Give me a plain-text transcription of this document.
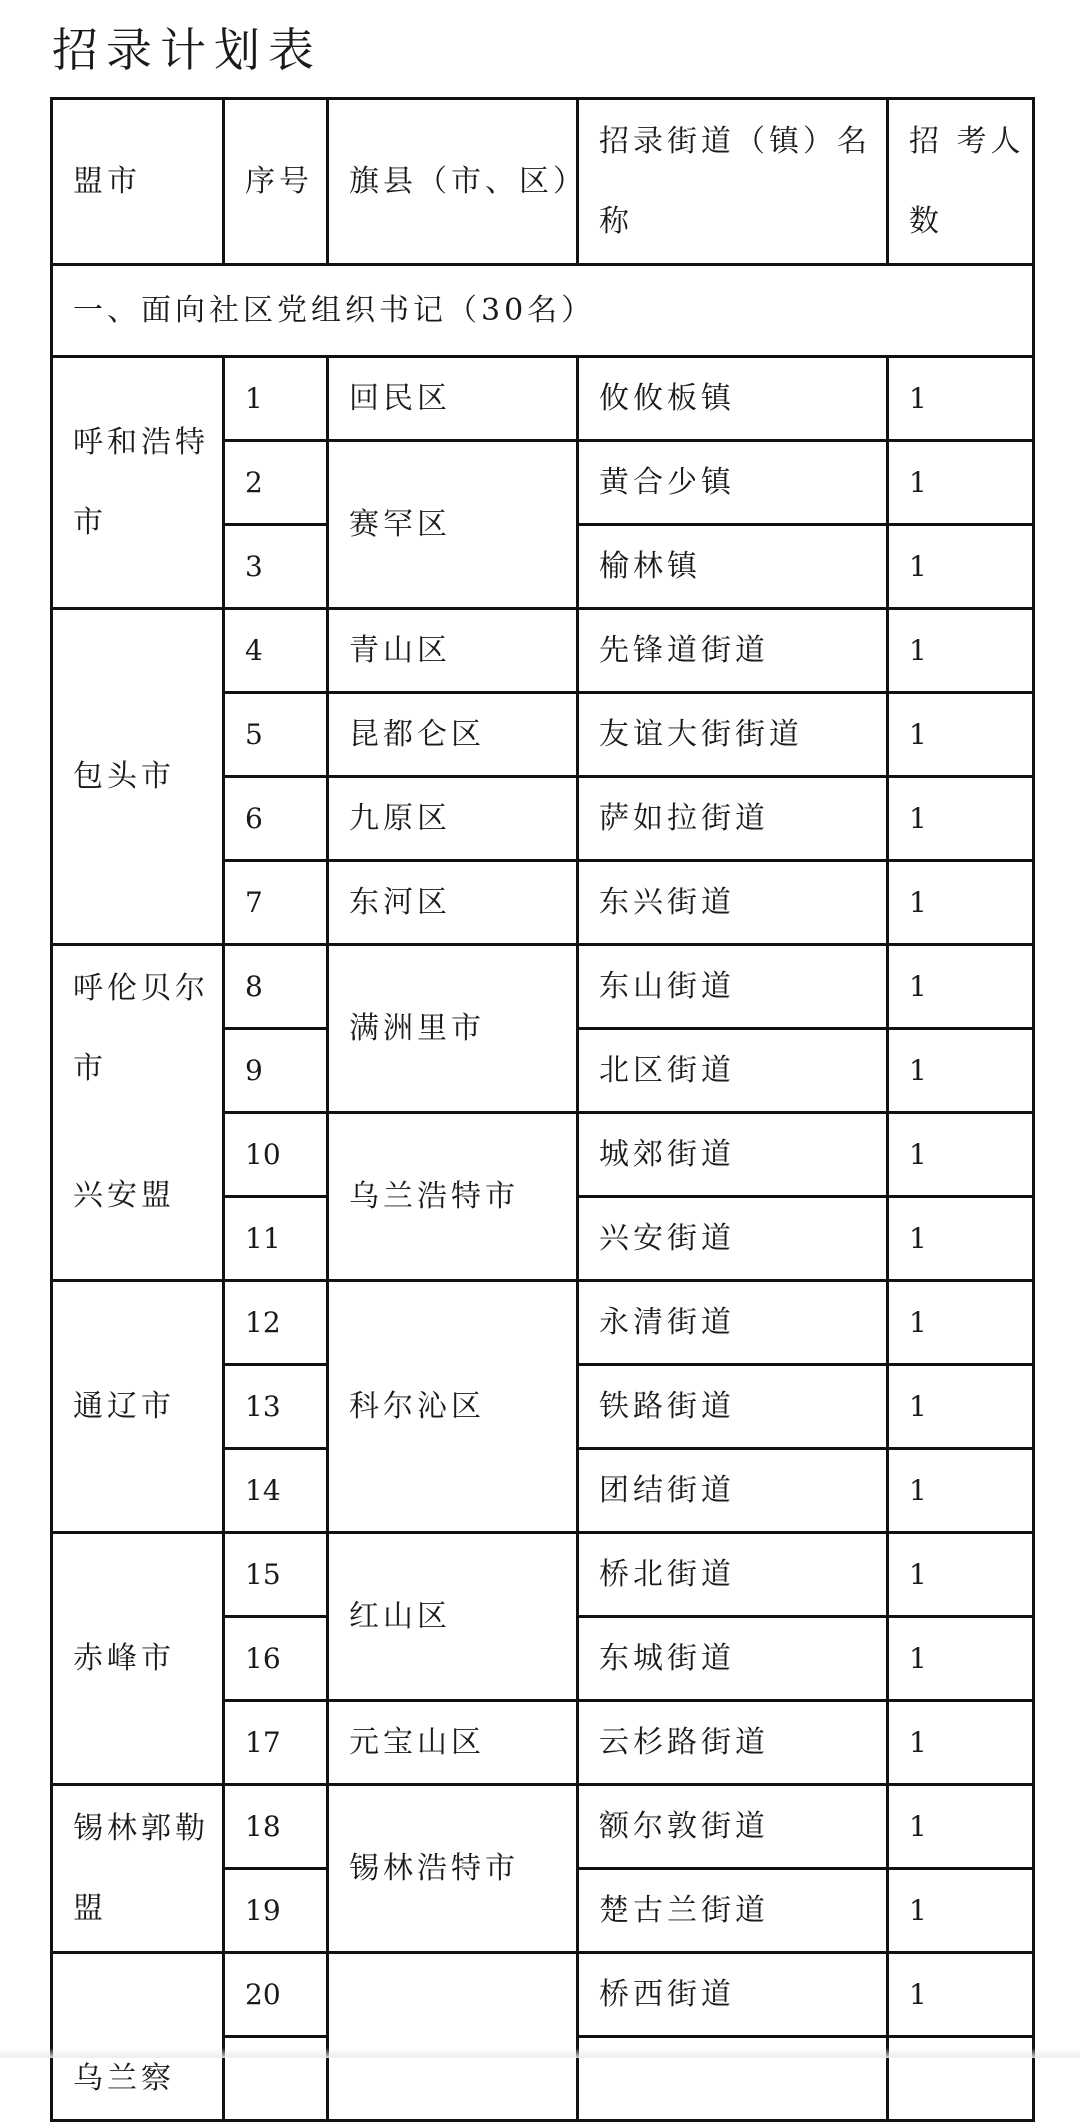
招录计划表
盟市	序号	旗县（市、区）	招录街道（镇）名称	招 考人数

一、面向社区党组织书记（30名）				
呼和浩特市	1	回民区	攸攸板镇	1
	2	赛罕区	黄合少镇	1
	3		榆林镇	1
包头市	4	青山区	先锋道街道	1
	5	昆都仑区	友谊大街街道	1
	6	九原区	萨如拉街道	1
	7	东河区	东兴街道	1
呼伦贝尔市	8	满洲里市	东山街道	1
	9		北区街道	1
兴安盟	10	乌兰浩特市	城郊街道	1
	11		兴安街道	1
通辽市	12	科尔沁区	永清街道	1
	13		铁路街道	1
	14		团结街道	1
赤峰市	15	红山区	桥北街道	1
	16		东城街道	1
	17	元宝山区	云杉路街道	1
锡林郭勒盟	18	锡林浩特市	额尔敦街道	1
	19		楚古兰街道	1
乌兰察	20		桥西街道	1
